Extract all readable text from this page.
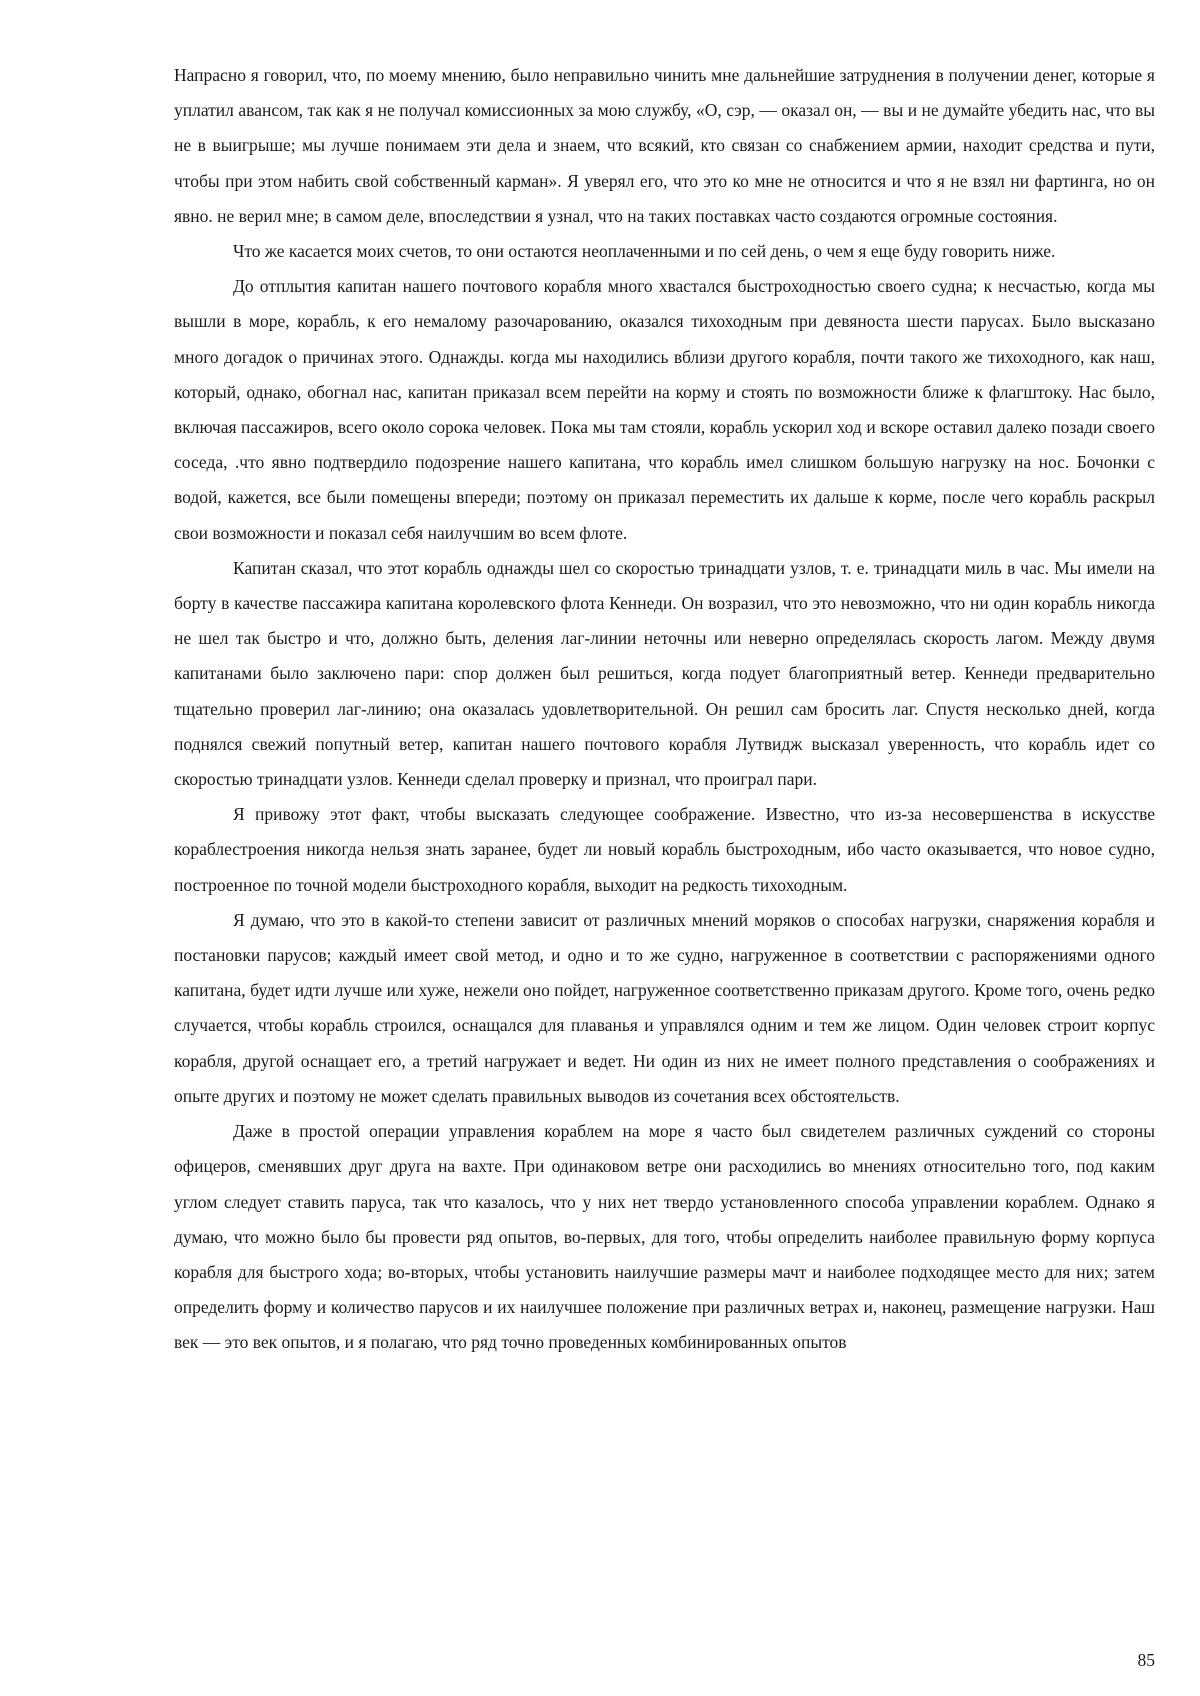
Напрасно я говорил, что, по моему мнению, было неправильно чинить мне дальнейшие затруднения в получении денег, которые я уплатил авансом, так как я не получал комиссионных за мою службу, «О, сэр, — оказал он, — вы и не думайте убедить нас, что вы не в выигрыше; мы лучше понимаем эти дела и знаем, что всякий, кто связан со снабжением армии, находит средства и пути, чтобы при этом набить свой собственный карман». Я уверял его, что это ко мне не относится и что я не взял ни фартинга, но он явно. не верил мне; в самом деле, впоследствии я узнал, что на таких поставках часто создаются огромные состояния.

Что же касается моих счетов, то они остаются неоплаченными и по сей день, о чем я еще буду говорить ниже.

До отплытия капитан нашего почтового корабля много хвастался быстроходностью своего судна; к несчастью, когда мы вышли в море, корабль, к его немалому разочарованию, оказался тихоходным при девяноста шести парусах. Было высказано много догадок о причинах этого. Однажды. когда мы находились вблизи другого корабля, почти такого же тихоходного, как наш, который, однако, обогнал нас, капитан приказал всем перейти на корму и стоять по возможности ближе к флагштоку. Нас было, включая пассажиров, всего около сорока человек. Пока мы там стояли, корабль ускорил ход и вскоре оставил далеко позади своего соседа, .что явно подтвердило подозрение нашего капитана, что корабль имел слишком большую нагрузку на нос. Бочонки с водой, кажется, все были помещены впереди; поэтому он приказал переместить их дальше к корме, после чего корабль раскрыл свои возможности и показал себя наилучшим во всем флоте.

Капитан сказал, что этот корабль однажды шел со скоростью тринадцати узлов, т. е. тринадцати миль в час. Мы имели на борту в качестве пассажира капитана королевского флота Кеннеди. Он возразил, что это невозможно, что ни один корабль никогда не шел так быстро и что, должно быть, деления лаг-линии неточны или неверно определялась скорость лагом. Между двумя капитанами было заключено пари: спор должен был решиться, когда подует благоприятный ветер. Кеннеди предварительно тщательно проверил лаг-линию; она оказалась удовлетворительной. Он решил сам бросить лаг. Спустя несколько дней, когда поднялся свежий попутный ветер, капитан нашего почтового корабля Лутвидж высказал уверенность, что корабль идет со скоростью тринадцати узлов. Кеннеди сделал проверку и признал, что проиграл пари.

Я привожу этот факт, чтобы высказать следующее соображение. Известно, что из-за несовершенства в искусстве кораблестроения никогда нельзя знать заранее, будет ли новый корабль быстроходным, ибо часто оказывается, что новое судно, построенное по точной модели быстроходного корабля, выходит на редкость тихоходным.

Я думаю, что это в какой-то степени зависит от различных мнений моряков о способах нагрузки, снаряжения корабля и постановки парусов; каждый имеет свой метод, и одно и то же судно, нагруженное в соответствии с распоряжениями одного капитана, будет идти лучше или хуже, нежели оно пойдет, нагруженное соответственно приказам другого. Кроме того, очень редко случается, чтобы корабль строился, оснащался для плаванья и управлялся одним и тем же лицом. Один человек строит корпус корабля, другой оснащает его, а третий нагружает и ведет. Ни один из них не имеет полного представления о соображениях и опыте других и поэтому не может сделать правильных выводов из сочетания всех обстоятельств.

Даже в простой операции управления кораблем на море я часто был свидетелем различных суждений со стороны офицеров, сменявших друг друга на вахте. При одинаковом ветре они расходились во мнениях относительно того, под каким углом следует ставить паруса, так что казалось, что у них нет твердо установленного способа управлении кораблем. Однако я думаю, что можно было бы провести ряд опытов, во-первых, для того, чтобы определить наиболее правильную форму корпуса корабля для быстрого хода; во-вторых, чтобы установить наилучшие размеры мачт и наиболее подходящее место для них; затем определить форму и количество парусов и их наилучшее положение при различных ветрах и, наконец, размещение нагрузки. Наш век — это век опытов, и я полагаю, что ряд точно проведенных комбинированных опытов

85
